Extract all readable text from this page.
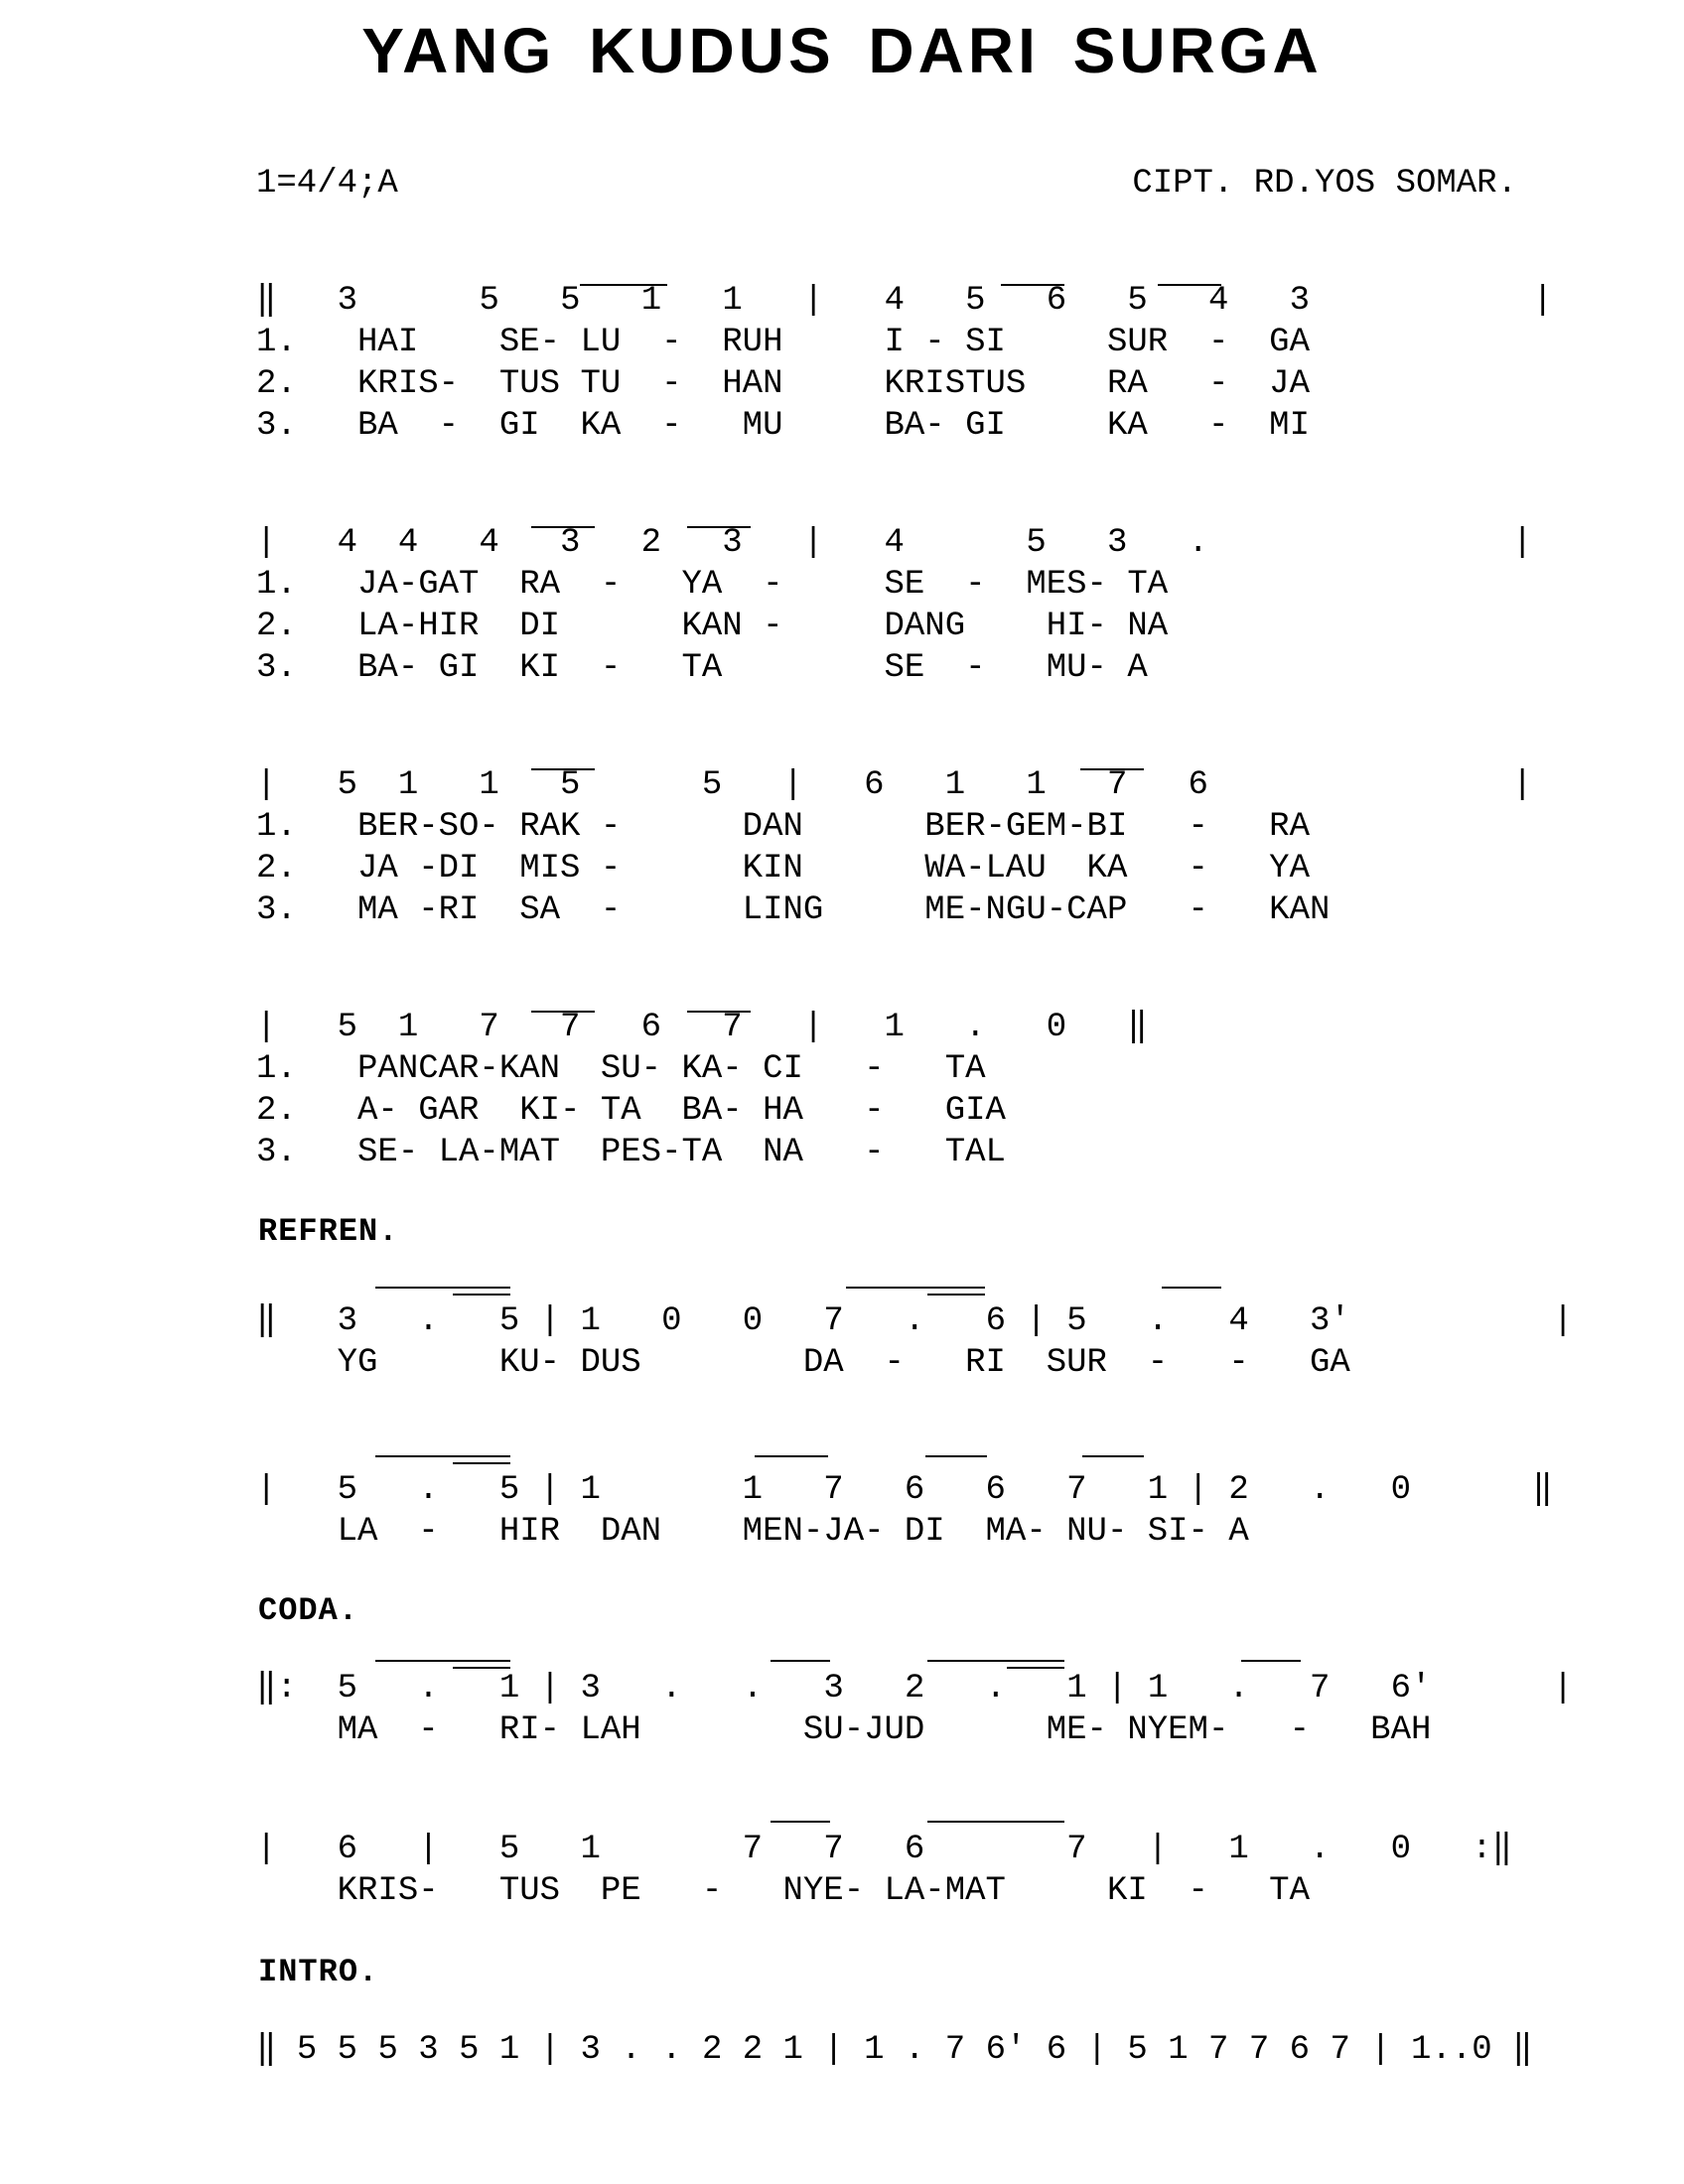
YANG KUDUS DARI SURGA
1=4/4;A	CIPT. RD.YOS SOMAR.
‖   3      5   5   1   1   |   4   5   6   5   4   3           |
1.   HAI    SE- LU  -  RUH     I - SI     SUR  -  GA
2.   KRIS-  TUS TU  -  HAN     KRISTUS    RA   -  JA
3.   BA  -  GI  KA  -   MU     BA- GI     KA   -  MI
|   4  4   4   3   2   3   |   4      5   3   .               |
1.   JA-GAT  RA  -   YA  -     SE  -  MES- TA
2.   LA-HIR  DI      KAN -     DANG    HI- NA
3.   BA- GI  KI  -   TA        SE  -   MU- A
|   5  1   1   5      5   |   6   1   1   7   6               |
1.   BER-SO- RAK -      DAN      BER-GEM-BI   -   RA
2.   JA -DI  MIS -      KIN      WA-LAU  KA   -   YA
3.   MA -RI  SA  -      LING     ME-NGU-CAP   -   KAN
|   5  1   7   7   6   7   |   1   .   0   ‖
1.   PANCAR-KAN  SU- KA- CI   -   TA
2.   A- GAR  KI- TA  BA- HA   -   GIA
3.   SE- LA-MAT  PES-TA  NA   -   TAL
REFREN.
‖   3   .   5 | 1   0   0   7   .   6 | 5   .   4   3'          |
YG      KU- DUS        DA  -   RI  SUR  -   -   GA
|   5   .   5 | 1       1   7   6   6   7   1 | 2   .   0      ‖
LA  -   HIR  DAN    MEN-JA- DI  MA- NU- SI- A
CODA.
‖:  5   .   1 | 3   .   .   3   2   .   1 | 1   .   7   6'      |
MA  -   RI- LAH        SU-JUD      ME- NYEM-   -   BAH
|   6   |   5   1       7   7   6       7   |   1   .   0   :‖
KRIS-   TUS  PE   -   NYE- LA-MAT     KI  -   TA
INTRO.
‖ 5 5 5 3 5 1 | 3 . . 2 2 1 | 1 . 7 6' 6 | 5 1 7 7 6 7 | 1..0 ‖
